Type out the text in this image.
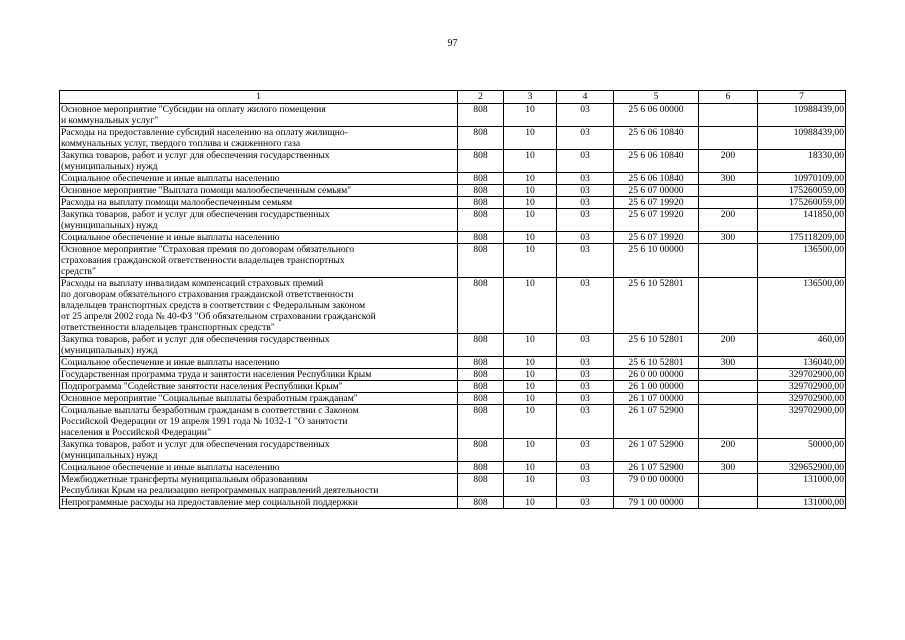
97
1	2	3	4	5	6	7
Основное мероприятие "Субсидии на оплату жилого помещения
и коммунальных услуг"	808	10	03	25 6 06 00000		10988439,00
Расходы на предоставление субсидий населению на оплату жилищно-
коммунальных услуг, твердого топлива и сжиженного газа	808	10	03	25 6 06 10840		10988439,00
Закупка товаров, работ и услуг для обеспечения государственных
(муниципальных) нужд	808	10	03	25 6 06 10840	200	18330,00
Социальное обеспечение и иные выплаты населению	808	10	03	25 6 06 10840	300	10970109,00
Основное мероприятие "Выплата помощи малообеспеченным семьям"	808	10	03	25 6 07 00000		175260059,00
Расходы на выплату помощи малообеспеченным семьям	808	10	03	25 6 07 19920		175260059,00
Закупка товаров, работ и услуг для обеспечения государственных
(муниципальных) нужд	808	10	03	25 6 07 19920	200	141850,00
Социальное обеспечение и иные выплаты населению	808	10	03	25 6 07 19920	300	175118209,00
Основное мероприятие "Страховая премия по договорам обязательного
страхования гражданской ответственности владельцев транспортных
средств"	808	10	03	25 6 10 00000		136500,00
Расходы на выплату инвалидам компенсаций страховых премий
по договорам обязательного страхования гражданской ответственности
владельцев транспортных средств в соответствии с Федеральным законом
от 25 апреля 2002 года № 40-ФЗ "Об обязательном страховании гражданской
ответственности владельцев транспортных средств"	808	10	03	25 6 10 52801		136500,00
Закупка товаров, работ и услуг для обеспечения государственных
(муниципальных) нужд	808	10	03	25 6 10 52801	200	460,00
Социальное обеспечение и иные выплаты населению	808	10	03	25 6 10 52801	300	136040,00
Государственная программа труда и занятости населения Республики Крым	808	10	03	26 0 00 00000		329702900,00
Подпрограмма "Содействие занятости населения Республики Крым"	808	10	03	26 1 00 00000		329702900,00
Основное мероприятие "Социальные выплаты безработным гражданам"	808	10	03	26 1 07 00000		329702900,00
Социальные выплаты безработным гражданам в соответствии с Законом
Российской Федерации от 19 апреля 1991 года № 1032-1 "О занятости
населения в Российской Федерации"	808	10	03	26 1 07 52900		329702900,00
Закупка товаров, работ и услуг для обеспечения государственных
(муниципальных) нужд	808	10	03	26 1 07 52900	200	50000,00
Социальное обеспечение и иные выплаты населению	808	10	03	26 1 07 52900	300	329652900,00
Межбюджетные трансферты муниципальным образованиям
Республики Крым на реализацию непрограммных направлений деятельности	808	10	03	79 0 00 00000		131000,00
Непрограммные расходы на предоставление мер социальной поддержки	808	10	03	79 1 00 00000		131000,00
